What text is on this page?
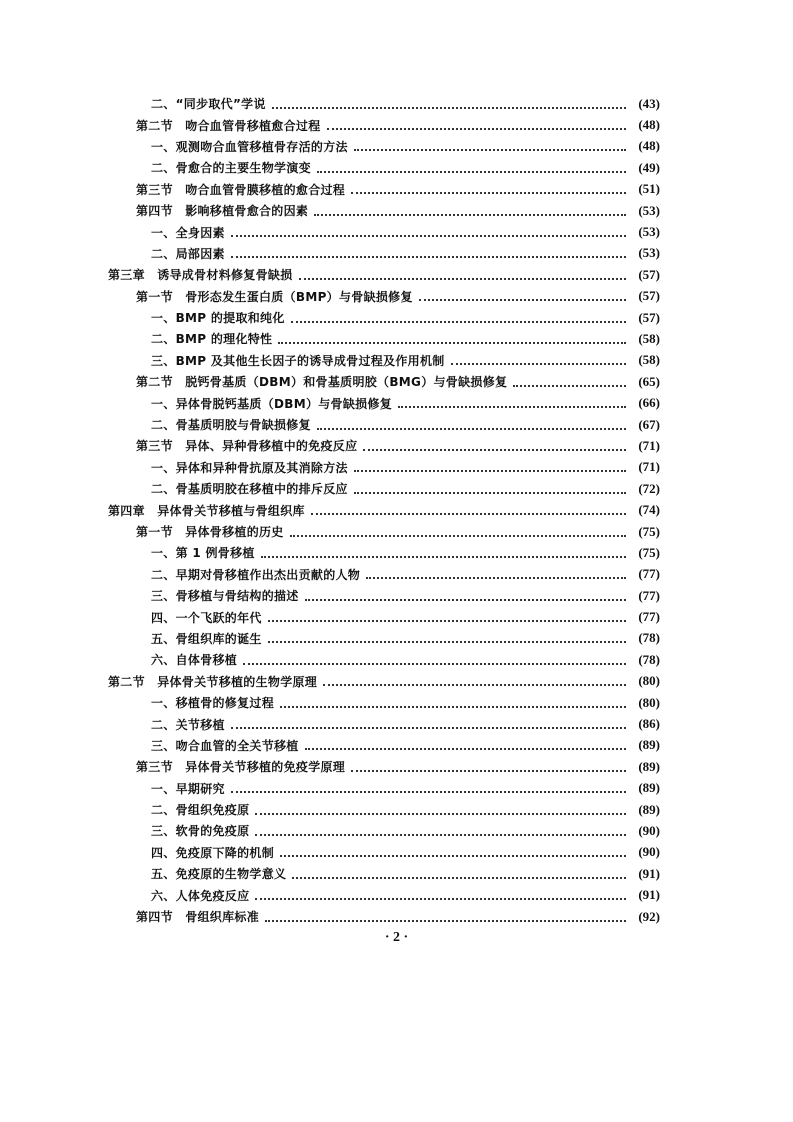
二、“同步取代”学说	(43)
第二节　吻合血管骨移植愈合过程	(48)
一、观测吻合血管移植骨存活的方法	(48)
二、骨愈合的主要生物学演变	(49)
第三节　吻合血管骨膜移植的愈合过程	(51)
第四节　影响移植骨愈合的因素	(53)
一、全身因素	(53)
二、局部因素	(53)
第三章　诱导成骨材料修复骨缺损	(57)
第一节　骨形态发生蛋白质（BMP）与骨缺损修复	(57)
一、BMP 的提取和纯化	(57)
二、BMP 的理化特性	(58)
三、BMP 及其他生长因子的诱导成骨过程及作用机制	(58)
第二节　脱钙骨基质（DBM）和骨基质明胶（BMG）与骨缺损修复	(65)
一、异体骨脱钙基质（DBM）与骨缺损修复	(66)
二、骨基质明胶与骨缺损修复	(67)
第三节　异体、异种骨移植中的免疫反应	(71)
一、异体和异种骨抗原及其消除方法	(71)
二、骨基质明胶在移植中的排斥反应	(72)
第四章　异体骨关节移植与骨组织库	(74)
第一节　异体骨移植的历史	(75)
一、第 1 例骨移植	(75)
二、早期对骨移植作出杰出贡献的人物	(77)
三、骨移植与骨结构的描述	(77)
四、一个飞跃的年代	(77)
五、骨组织库的诞生	(78)
六、自体骨移植	(78)
第二节　异体骨关节移植的生物学原理	(80)
一、移植骨的修复过程	(80)
二、关节移植	(86)
三、吻合血管的全关节移植	(89)
第三节　异体骨关节移植的免疫学原理	(89)
一、早期研究	(89)
二、骨组织免疫原	(89)
三、软骨的免疫原	(90)
四、免疫原下降的机制	(90)
五、免疫原的生物学意义	(91)
六、人体免疫反应	(91)
第四节　骨组织库标准	(92)
· 2 ·
